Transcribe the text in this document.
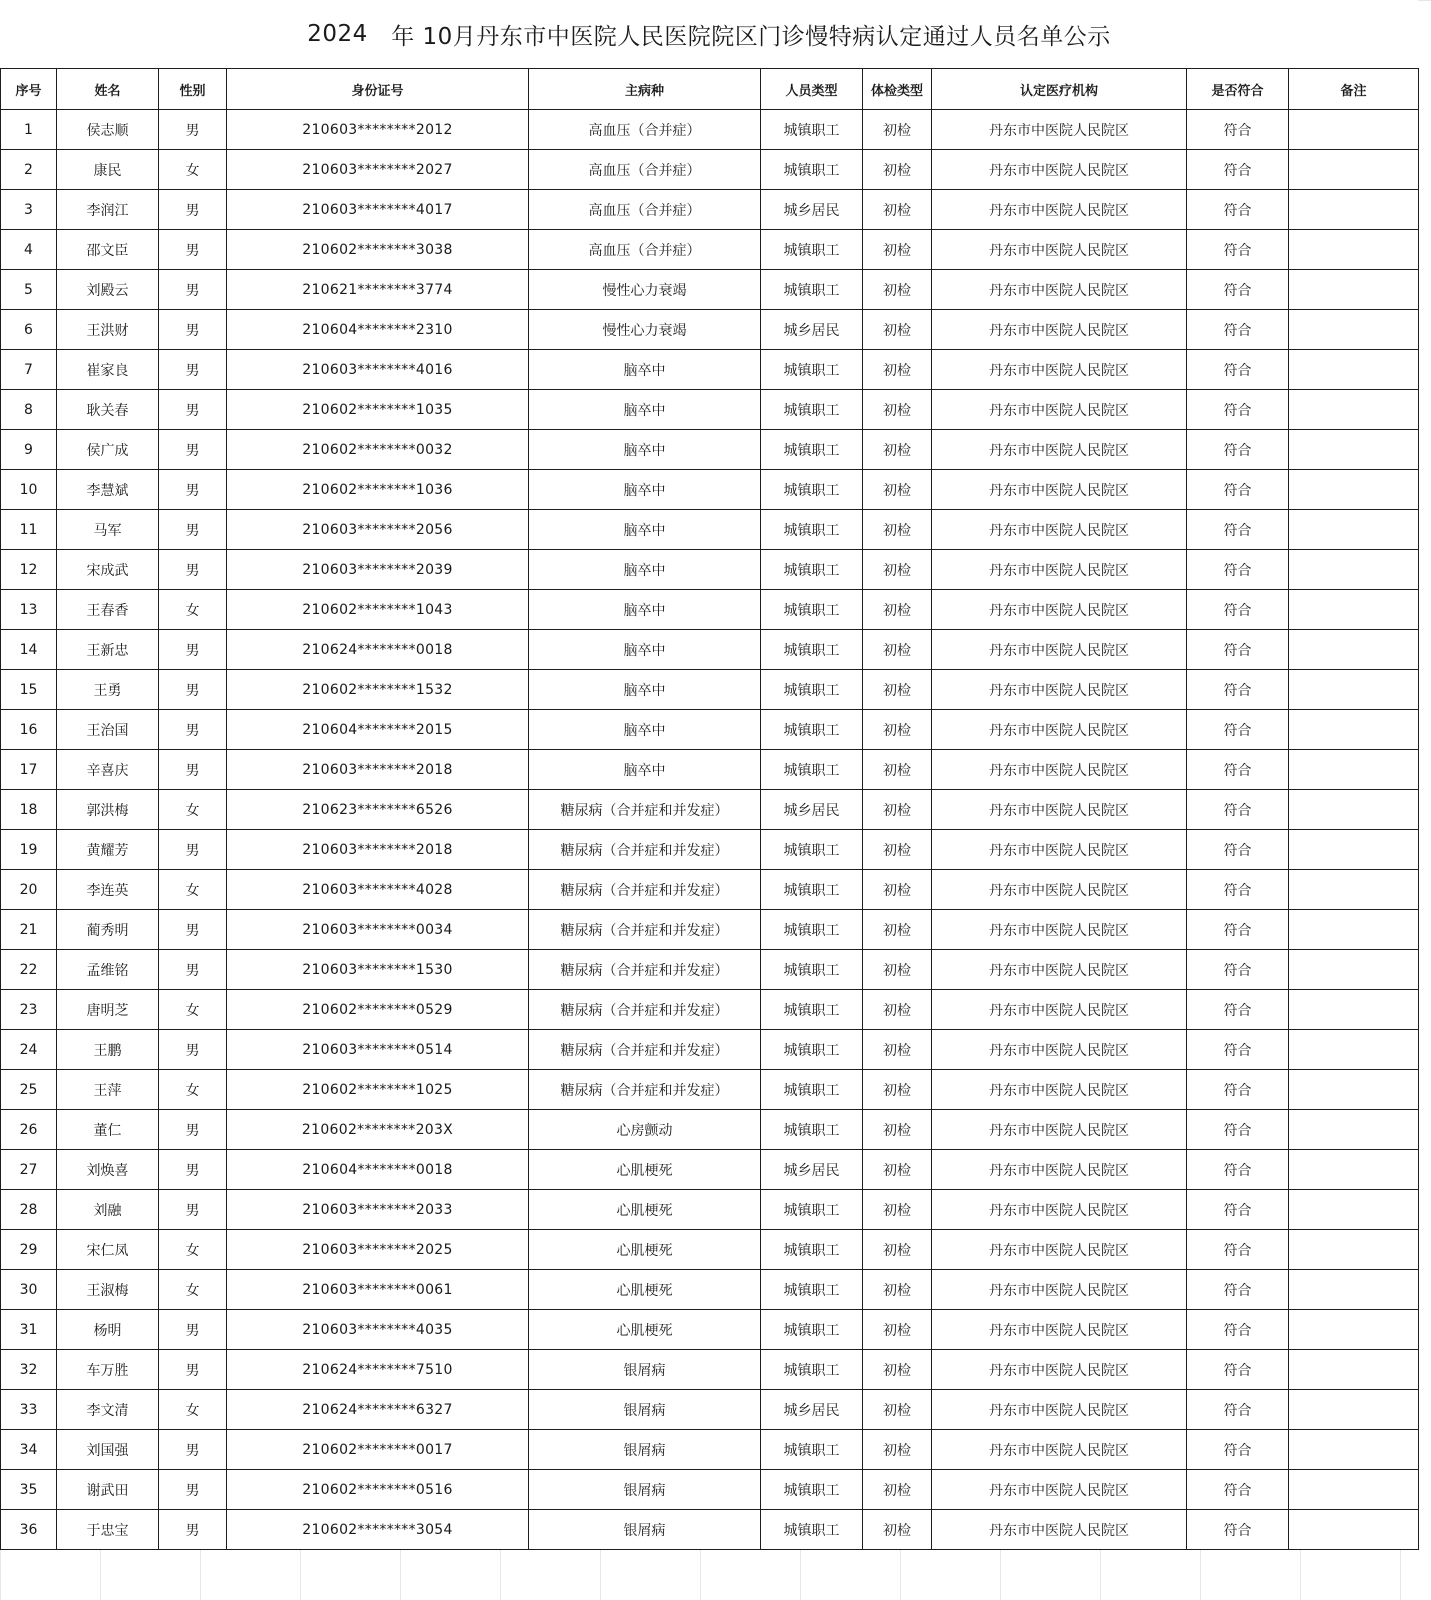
2024
年 10月丹东市中医院人民医院院区门诊慢特病认定通过人员名单公示
序号	姓名	性别	身份证号	主病种	人员类型	体检类型	认定医疗机构	是否符合	备注
1	侯志顺	男	210603********2012	高血压（合并症）	城镇职工	初检	丹东市中医院人民院区	符合	
2	康民	女	210603********2027	高血压（合并症）	城镇职工	初检	丹东市中医院人民院区	符合	
3	李润江	男	210603********4017	高血压（合并症）	城乡居民	初检	丹东市中医院人民院区	符合	
4	邵文臣	男	210602********3038	高血压（合并症）	城镇职工	初检	丹东市中医院人民院区	符合	
5	刘殿云	男	210621********3774	慢性心力衰竭	城镇职工	初检	丹东市中医院人民院区	符合	
6	王洪财	男	210604********2310	慢性心力衰竭	城乡居民	初检	丹东市中医院人民院区	符合	
7	崔家良	男	210603********4016	脑卒中	城镇职工	初检	丹东市中医院人民院区	符合	
8	耿关春	男	210602********1035	脑卒中	城镇职工	初检	丹东市中医院人民院区	符合	
9	侯广成	男	210602********0032	脑卒中	城镇职工	初检	丹东市中医院人民院区	符合	
10	李慧斌	男	210602********1036	脑卒中	城镇职工	初检	丹东市中医院人民院区	符合	
11	马军	男	210603********2056	脑卒中	城镇职工	初检	丹东市中医院人民院区	符合	
12	宋成武	男	210603********2039	脑卒中	城镇职工	初检	丹东市中医院人民院区	符合	
13	王春香	女	210602********1043	脑卒中	城镇职工	初检	丹东市中医院人民院区	符合	
14	王新忠	男	210624********0018	脑卒中	城镇职工	初检	丹东市中医院人民院区	符合	
15	王勇	男	210602********1532	脑卒中	城镇职工	初检	丹东市中医院人民院区	符合	
16	王治国	男	210604********2015	脑卒中	城镇职工	初检	丹东市中医院人民院区	符合	
17	辛喜庆	男	210603********2018	脑卒中	城镇职工	初检	丹东市中医院人民院区	符合	
18	郭洪梅	女	210623********6526	糖尿病（合并症和并发症）	城乡居民	初检	丹东市中医院人民院区	符合	
19	黄耀芳	男	210603********2018	糖尿病（合并症和并发症）	城镇职工	初检	丹东市中医院人民院区	符合	
20	李连英	女	210603********4028	糖尿病（合并症和并发症）	城镇职工	初检	丹东市中医院人民院区	符合	
21	蔺秀明	男	210603********0034	糖尿病（合并症和并发症）	城镇职工	初检	丹东市中医院人民院区	符合	
22	孟维铭	男	210603********1530	糖尿病（合并症和并发症）	城镇职工	初检	丹东市中医院人民院区	符合	
23	唐明芝	女	210602********0529	糖尿病（合并症和并发症）	城镇职工	初检	丹东市中医院人民院区	符合	
24	王鹏	男	210603********0514	糖尿病（合并症和并发症）	城镇职工	初检	丹东市中医院人民院区	符合	
25	王萍	女	210602********1025	糖尿病（合并症和并发症）	城镇职工	初检	丹东市中医院人民院区	符合	
26	董仁	男	210602********203X	心房颤动	城镇职工	初检	丹东市中医院人民院区	符合	
27	刘焕喜	男	210604********0018	心肌梗死	城乡居民	初检	丹东市中医院人民院区	符合	
28	刘融	男	210603********2033	心肌梗死	城镇职工	初检	丹东市中医院人民院区	符合	
29	宋仁凤	女	210603********2025	心肌梗死	城镇职工	初检	丹东市中医院人民院区	符合	
30	王淑梅	女	210603********0061	心肌梗死	城镇职工	初检	丹东市中医院人民院区	符合	
31	杨明	男	210603********4035	心肌梗死	城镇职工	初检	丹东市中医院人民院区	符合	
32	车万胜	男	210624********7510	银屑病	城镇职工	初检	丹东市中医院人民院区	符合	
33	李文清	女	210624********6327	银屑病	城乡居民	初检	丹东市中医院人民院区	符合	
34	刘国强	男	210602********0017	银屑病	城镇职工	初检	丹东市中医院人民院区	符合	
35	谢武田	男	210602********0516	银屑病	城镇职工	初检	丹东市中医院人民院区	符合	
36	于忠宝	男	210602********3054	银屑病	城镇职工	初检	丹东市中医院人民院区	符合	
